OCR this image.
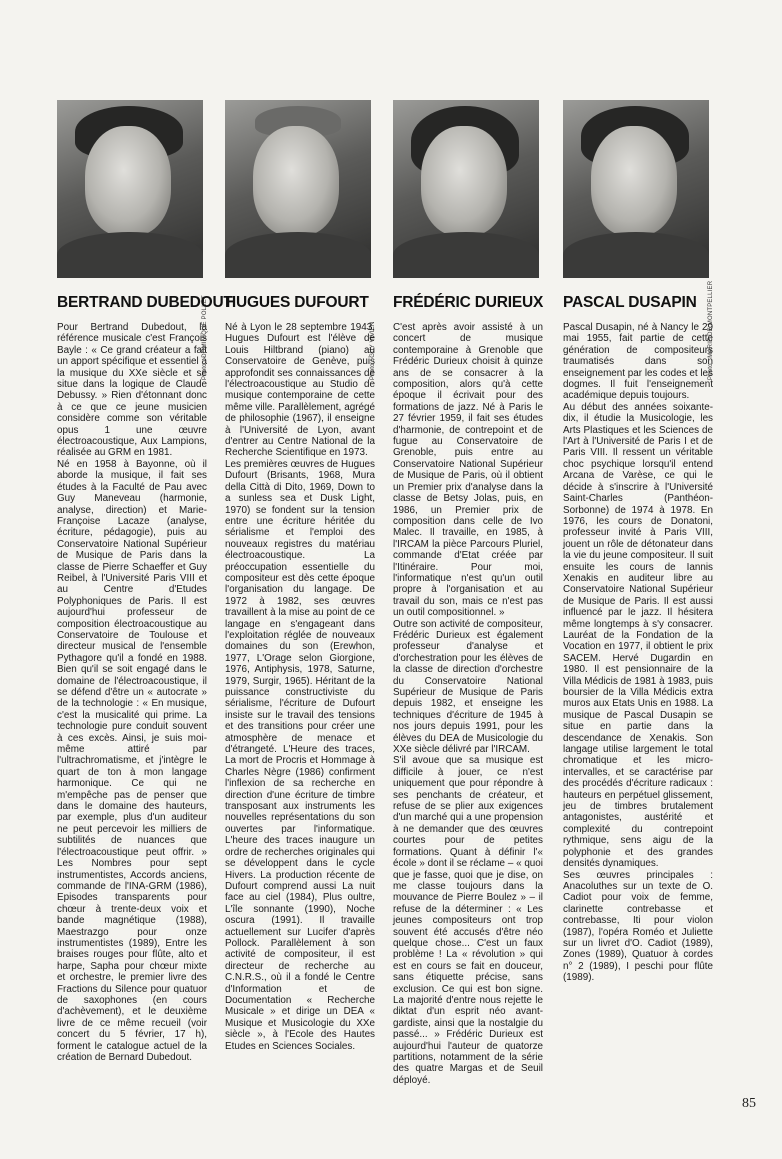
Photo : DOMINIQUE POLLET
BERTRAND DUBEDOUT

Pour Bertrand Dubedout, la référence musicale c'est François Bayle : « Ce grand créateur a fait un apport spécifique et essentiel à la musique du XXe siècle et se situe dans la logique de Claude Debussy. » Rien d'étonnant donc à ce que ce jeune musicien considère comme son véritable opus 1 une œuvre électroacoustique, Aux Lampions, réalisée au GRM en 1981.

Né en 1958 à Bayonne, où il aborde la musique, il fait ses études à la Faculté de Pau avec Guy Maneveau (harmonie, analyse, direction) et Marie-Françoise Lacaze (analyse, écriture, pédagogie), puis au Conservatoire National Supérieur de Musique de Paris dans la classe de Pierre Schaeffer et Guy Reibel, à l'Université Paris VIII et au Centre d'Etudes Polyphoniques de Paris. Il est aujourd'hui professeur de composition électroacoustique au Conservatoire de Toulouse et directeur musical de l'ensemble Pythagore qu'il a fondé en 1988. Bien qu'il se soit engagé dans le domaine de l'électroacoustique, il se défend d'être un « autocrate » de la technologie : « En musique, c'est la musicalité qui prime. La technologie pure conduit souvent à ces excès. Ainsi, je suis moi-même attiré par l'ultrachromatisme, et j'intègre le quart de ton à mon langage harmonique. Ce qui ne m'empêche pas de penser que dans le domaine des hauteurs, par exemple, plus d'un auditeur ne peut percevoir les milliers de subtilités de nuances que l'électroacoustique peut offrir. » Les Nombres pour sept instrumentistes, Accords anciens, commande de l'INA-GRM (1986), Episodes transparents pour chœur à trente-deux voix et bande magnétique (1988), Maestrazgo pour onze instrumentistes (1989), Entre les braises rouges pour flûte, alto et harpe, Sapha pour chœur mixte et orchestre, le premier livre des Fractions du Silence pour quatuor de saxophones (en cours d'achèvement), et le deuxième livre de ce même recueil (voir concert du 5 février, 17 h), forment le catalogue actuel de la création de Bernard Dubedout.

Photo : GUY VIVIEN
HUGUES DUFOURT

Né à Lyon le 28 septembre 1943, Hugues Dufourt est l'élève de Louis Hiltbrand (piano) au Conservatoire de Genève, puis approfondit ses connaissances de l'électroacoustique au Studio de musique contemporaine de cette même ville. Parallèlement, agrégé de philosophie (1967), il enseigne à l'Université de Lyon, avant d'entrer au Centre National de la Recherche Scientifique en 1973.

Les premières œuvres de Hugues Dufourt (Brisants, 1968, Mura della Città di Dito, 1969, Down to a sunless sea et Dusk Light, 1970) se fondent sur la tension entre une écriture héritée du sérialisme et l'emploi des nouveaux registres du matériau électroacoustique. La préoccupation essentielle du compositeur est dès cette époque l'organisation du langage. De 1972 à 1982, ses œuvres travaillent à la mise au point de ce langage en s'engageant dans l'exploitation réglée de nouveaux domaines du son (Erewhon, 1977, L'Orage selon Giorgione, 1976, Antiphysis, 1978, Saturne, 1979, Surgir, 1965). Héritant de la puissance constructiviste du sérialisme, l'écriture de Dufourt insiste sur le travail des tensions et des transitions pour créer une atmosphère de menace et d'étrangeté. L'Heure des traces, La mort de Procris et Hommage à Charles Nègre (1986) confirment l'inflexion de sa recherche en direction d'une écriture de timbre transposant aux instruments les nouvelles représentations du son ouvertes par l'informatique. L'heure des traces inaugure un ordre de recherches originales qui se développent dans le cycle Hivers. La production récente de Dufourt comprend aussi La nuit face au ciel (1984), Plus oultre, L'île sonnante (1990), Noche oscura (1991). Il travaille actuellement sur Lucifer d'après Pollock. Parallèlement à son activité de compositeur, il est directeur de recherche au C.N.R.S., où il a fondé le Centre d'Information et de Documentation « Recherche Musicale » et dirige un DEA « Musique et Musicologie du XXe siècle », à l'Ecole des Hautes Etudes en Sciences Sociales.

FRÉDÉRIC DURIEUX

C'est après avoir assisté à un concert de musique contemporaine à Grenoble que Frédéric Durieux choisit à quinze ans de se consacrer à la composition, alors qu'à cette époque il écrivait pour des formations de jazz. Né à Paris le 27 février 1959, il fait ses études d'harmonie, de contrepoint et de fugue au Conservatoire de Grenoble, puis entre au Conservatoire National Supérieur de Musique de Paris, où il obtient un Premier prix d'analyse dans la classe de Betsy Jolas, puis, en 1986, un Premier prix de composition dans celle de Ivo Malec. Il travaille, en 1985, à l'IRCAM la pièce Parcours Pluriel, commande d'Etat créée par l'Itinéraire. Pour moi, l'informatique n'est qu'un outil propre à l'organisation et au travail du son, mais ce n'est pas un outil compositionnel. »

Outre son activité de compositeur, Frédéric Durieux est également professeur d'analyse et d'orchestration pour les élèves de la classe de direction d'orchestre du Conservatoire National Supérieur de Musique de Paris depuis 1982, et enseigne les techniques d'écriture de 1945 à nos jours depuis 1991, pour les élèves du DEA de Musicologie du XXe siècle délivré par l'IRCAM.

S'il avoue que sa musique est difficile à jouer, ce n'est uniquement que pour répondre à ses penchants de créateur, et refuse de se plier aux exigences d'un marché qui a une propension à ne demander que des œuvres courtes pour de petites formations. Quant à définir l'« école » dont il se réclame – « quoi que je fasse, quoi que je dise, on me classe toujours dans la mouvance de Pierre Boulez » – il refuse de la déterminer : « Les jeunes compositeurs ont trop souvent été accusés d'être néo quelque chose... C'est un faux problème ! La « révolution » qui est en cours se fait en douceur, sans étiquette précise, sans exclusion. Ce qui est bon signe. La majorité d'entre nous rejette le diktat d'un esprit néo avant-gardiste, ainsi que la nostalgie du passé... » Frédéric Durieux est aujourd'hui l'auteur de quatorze partitions, notamment de la série des quatre Margas et de Seuil déployé.

Photo : MARIE DE MONTPELLIER
PASCAL DUSAPIN

Pascal Dusapin, né à Nancy le 29 mai 1955, fait partie de cette génération de compositeurs traumatisés dans son enseignement par les codes et les dogmes. Il fuit l'enseignement académique depuis toujours.

Au début des années soixante-dix, il étudie la Musicologie, les Arts Plastiques et les Sciences de l'Art à l'Université de Paris I et de Paris VIII. Il ressent un véritable choc psychique lorsqu'il entend Arcana de Varèse, ce qui le décide à s'inscrire à l'Université Saint-Charles (Panthéon-Sorbonne) de 1974 à 1978. En 1976, les cours de Donatoni, professeur invité à Paris VIII, jouent un rôle de détonateur dans la vie du jeune compositeur. Il suit ensuite les cours de Iannis Xenakis en auditeur libre au Conservatoire National Supérieur de Musique de Paris. Il est aussi influencé par le jazz. Il hésitera même longtemps à s'y consacrer. Lauréat de la Fondation de la Vocation en 1977, il obtient le prix SACEM. Hervé Dugardin en 1980. Il est pensionnaire de la Villa Médicis de 1981 à 1983, puis boursier de la Villa Médicis extra muros aux Etats Unis en 1988. La musique de Pascal Dusapin se situe en partie dans la descendance de Xenakis. Son langage utilise largement le total chromatique et les micro-intervalles, et se caractérise par des procédés d'écriture radicaux : hauteurs en perpétuel glissement, jeu de timbres brutalement antagonistes, austérité et complexité du contrepoint rythmique, sens aigu de la polyphonie et des grandes densités dynamiques.

Ses œuvres principales : Anacoluthes sur un texte de O. Cadiot pour voix de femme, clarinette contrebasse et contrebasse, Iti pour violon (1987), l'opéra Roméo et Juliette sur un livret d'O. Cadiot (1989), Zones (1989), Quatuor à cordes n° 2 (1989), I peschi pour flûte (1989).

85
